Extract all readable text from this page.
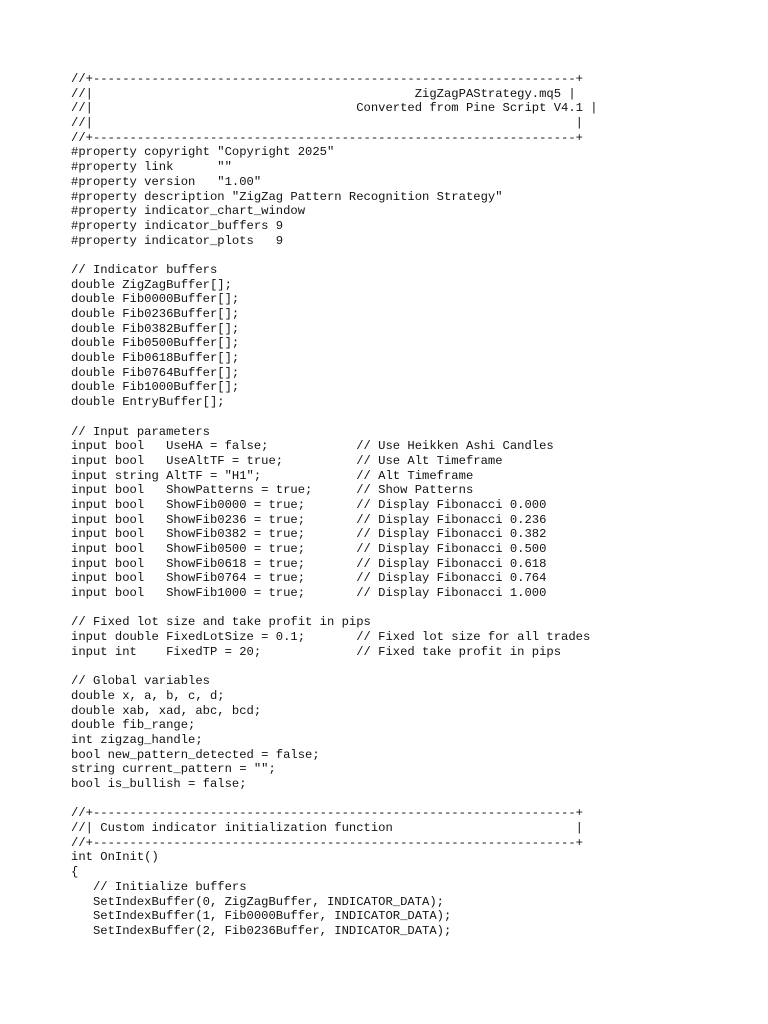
//+------------------------------------------------------------------+
//|                                            ZigZagPAStrategy.mq5 |
//|                                    Converted from Pine Script V4.1 |
//|                                                                  |
//+------------------------------------------------------------------+
#property copyright "Copyright 2025"
#property link      ""
#property version   "1.00"
#property description "ZigZag Pattern Recognition Strategy"
#property indicator_chart_window
#property indicator_buffers 9
#property indicator_plots   9

// Indicator buffers
double ZigZagBuffer[];
double Fib0000Buffer[];
double Fib0236Buffer[];
double Fib0382Buffer[];
double Fib0500Buffer[];
double Fib0618Buffer[];
double Fib0764Buffer[];
double Fib1000Buffer[];
double EntryBuffer[];

// Input parameters
input bool   UseHA = false;            // Use Heikken Ashi Candles
input bool   UseAltTF = true;          // Use Alt Timeframe
input string AltTF = "H1";             // Alt Timeframe
input bool   ShowPatterns = true;      // Show Patterns
input bool   ShowFib0000 = true;       // Display Fibonacci 0.000
input bool   ShowFib0236 = true;       // Display Fibonacci 0.236
input bool   ShowFib0382 = true;       // Display Fibonacci 0.382
input bool   ShowFib0500 = true;       // Display Fibonacci 0.500
input bool   ShowFib0618 = true;       // Display Fibonacci 0.618
input bool   ShowFib0764 = true;       // Display Fibonacci 0.764
input bool   ShowFib1000 = true;       // Display Fibonacci 1.000

// Fixed lot size and take profit in pips
input double FixedLotSize = 0.1;       // Fixed lot size for all trades
input int    FixedTP = 20;             // Fixed take profit in pips

// Global variables
double x, a, b, c, d;
double xab, xad, abc, bcd;
double fib_range;
int zigzag_handle;
bool new_pattern_detected = false;
string current_pattern = "";
bool is_bullish = false;

//+------------------------------------------------------------------+
//| Custom indicator initialization function                         |
//+------------------------------------------------------------------+
int OnInit()
{
// Initialize buffers
SetIndexBuffer(0, ZigZagBuffer, INDICATOR_DATA);
SetIndexBuffer(1, Fib0000Buffer, INDICATOR_DATA);
SetIndexBuffer(2, Fib0236Buffer, INDICATOR_DATA);
